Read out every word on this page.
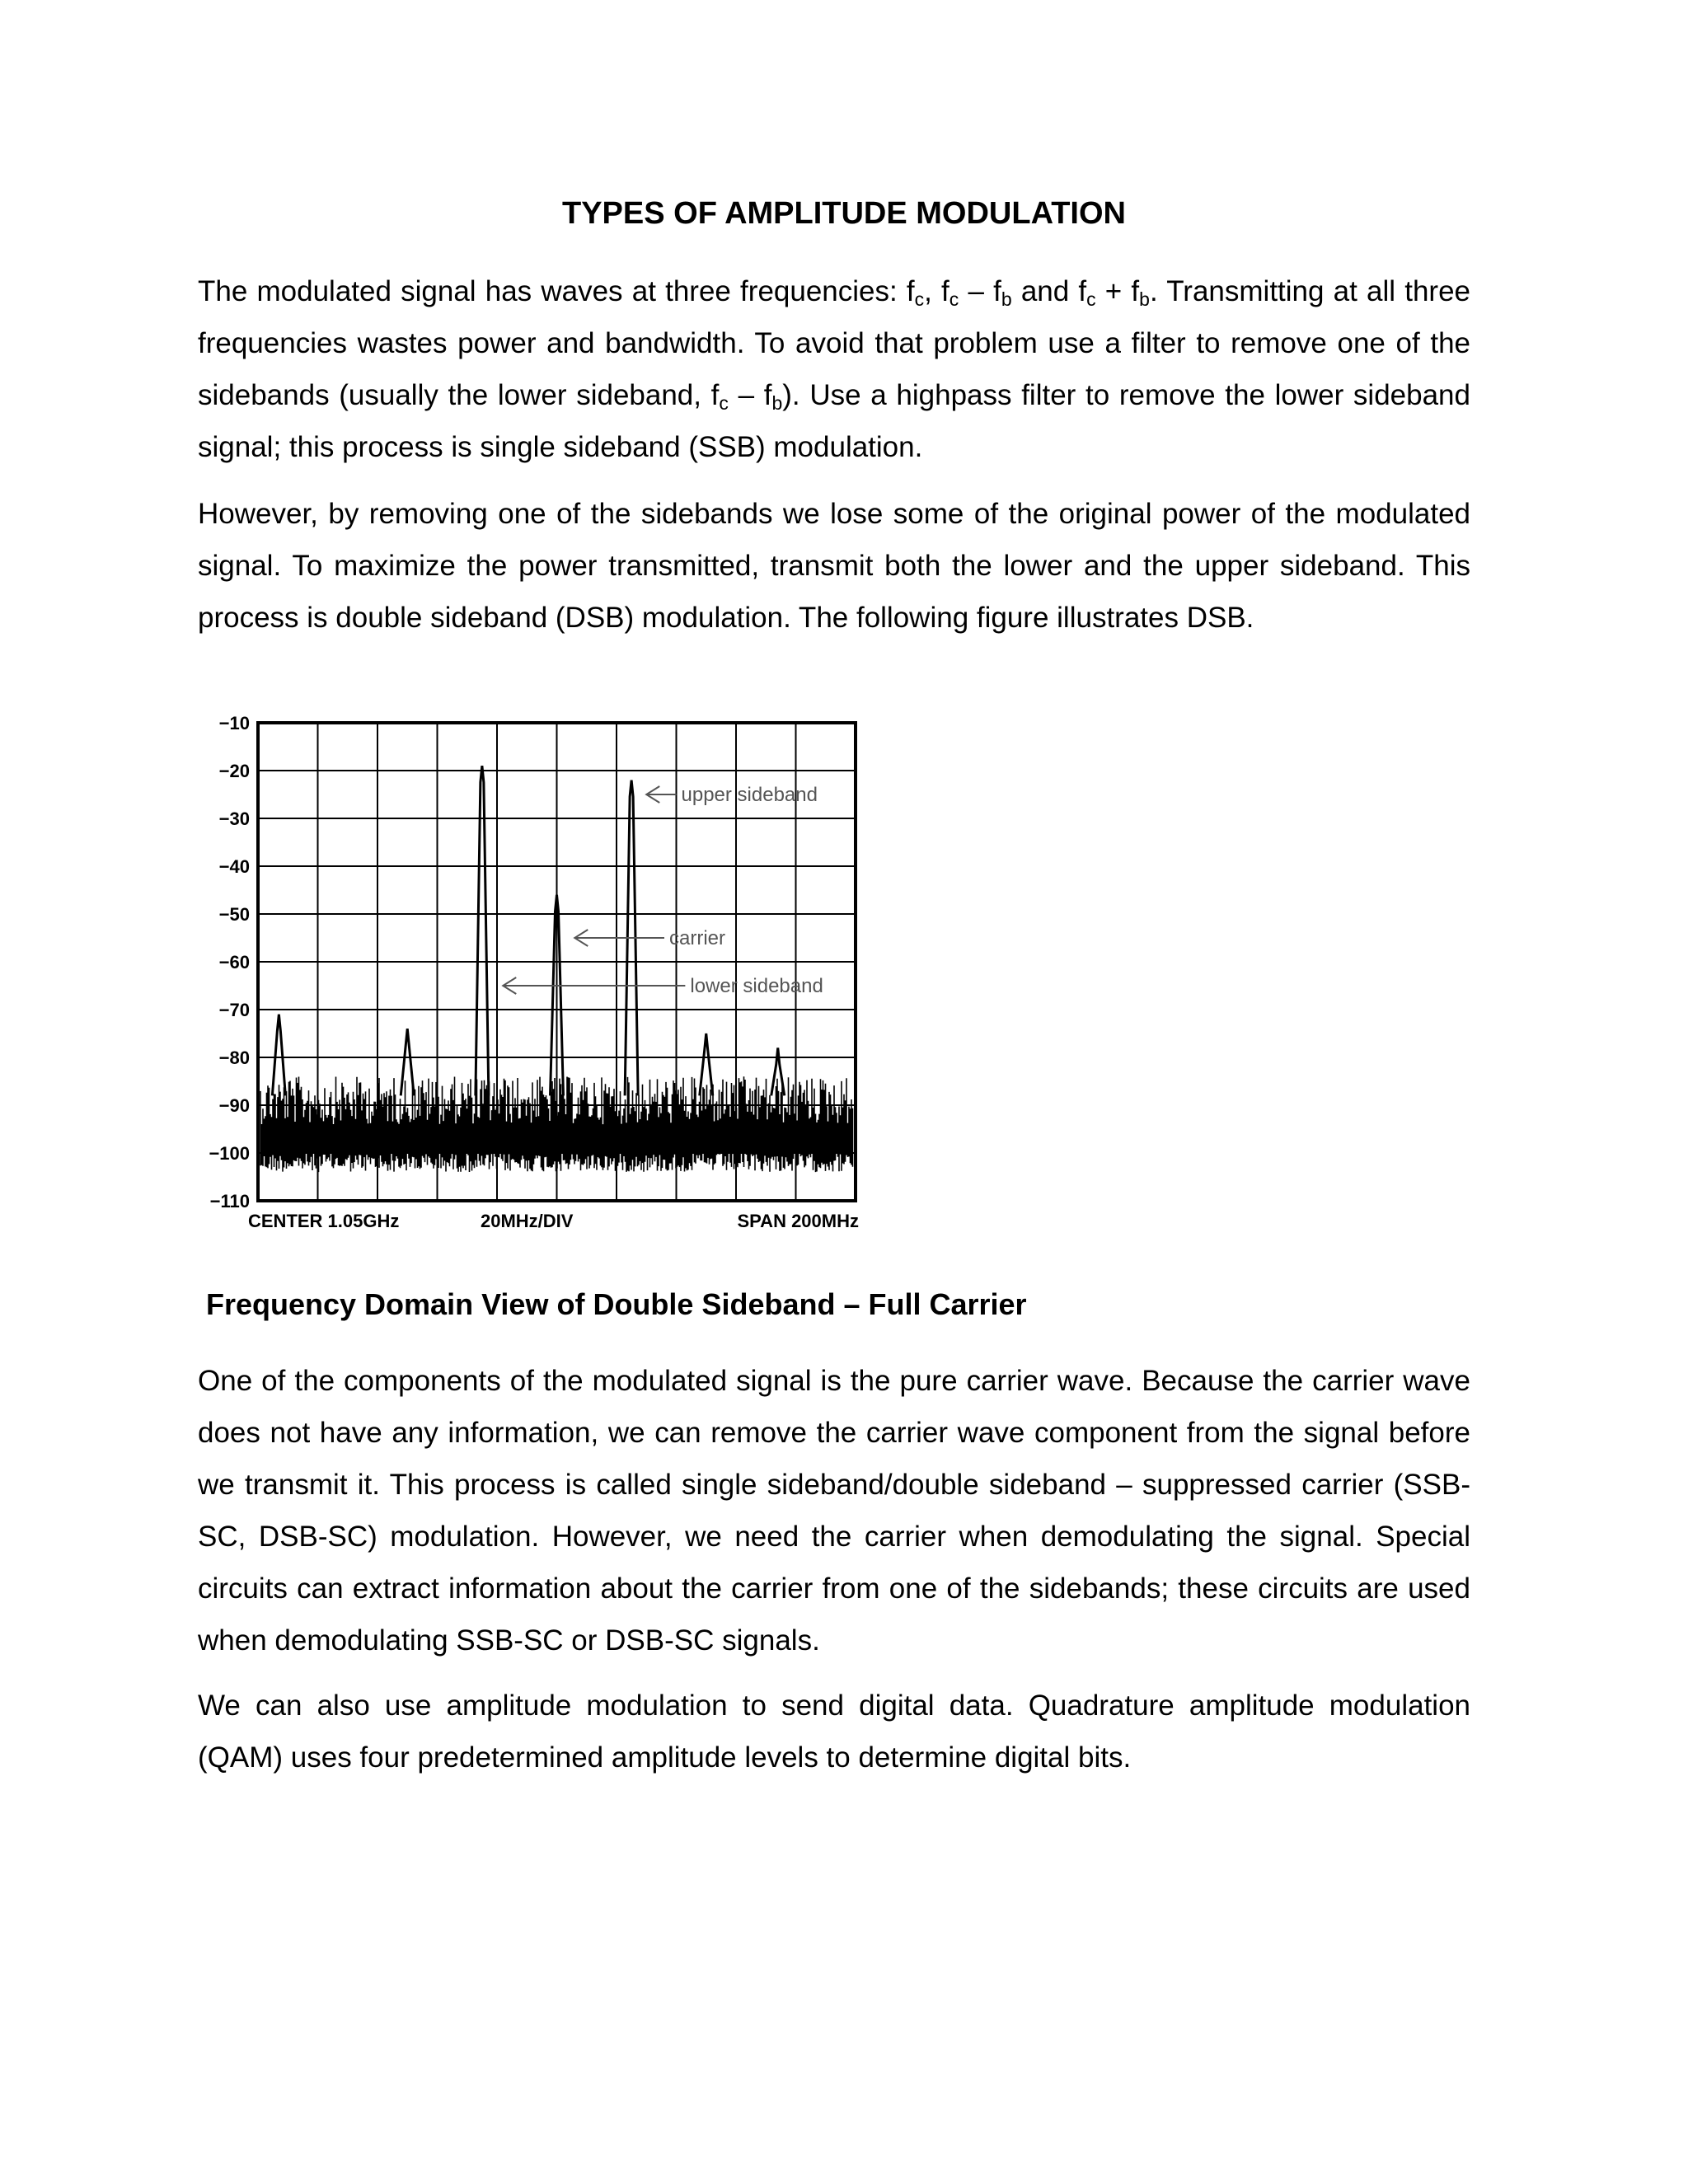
TYPES OF AMPLITUDE MODULATION

The modulated signal has waves at three frequencies: $f_c$, $f_c - f_b$ and $f_c + f_b$. Transmitting at all three frequencies wastes power and bandwidth. To avoid that problem use a filter to remove one of the sidebands (usually the lower sideband, $f_c - f_b$). Use a highpass filter to remove the lower sideband signal; this process is single sideband (SSB) modulation.

However, by removing one of the sidebands we lose some of the original power of the modulated signal. To maximize the power transmitted, transmit both the lower and the upper sideband. This process is double sideband (DSB) modulation. The following figure illustrates DSB.

−10
−20
−30
−40
−50
−60
−70
−80
−90
−100
−110
CENTER 1.05GHz	20MHz/DIV	SPAN 200MHz
upper sideband
carrier
lower sideband

Frequency Domain View of Double Sideband – Full Carrier

One of the components of the modulated signal is the pure carrier wave. Because the carrier wave does not have any information, we can remove the carrier wave component from the signal before we transmit it. This process is called single sideband/double sideband – suppressed carrier (SSB-SC, DSB-SC) modulation. However, we need the carrier when demodulating the signal. Special circuits can extract information about the carrier from one of the sidebands; these circuits are used when demodulating SSB-SC or DSB-SC signals.

We can also use amplitude modulation to send digital data. Quadrature amplitude modulation (QAM) uses four predetermined amplitude levels to determine digital bits.
